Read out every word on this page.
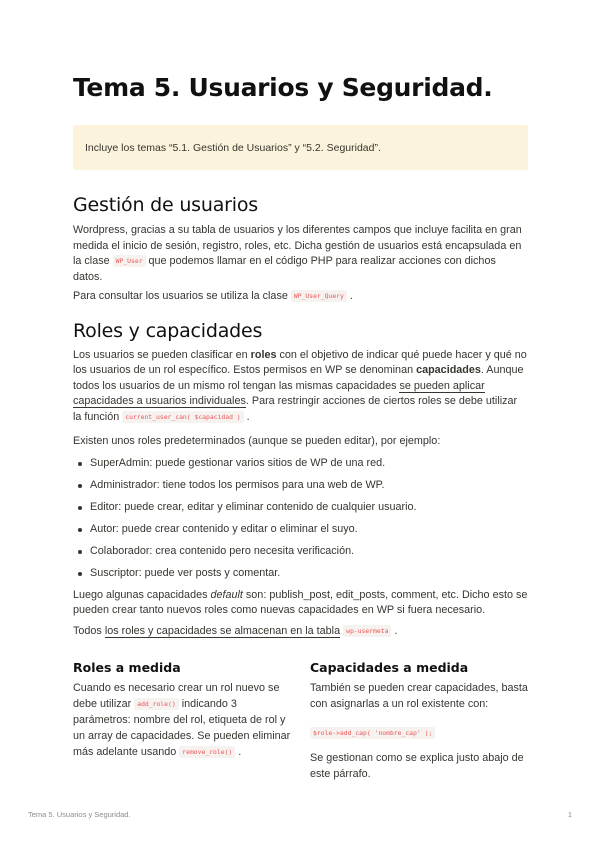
Tema 5. Usuarios y Seguridad.
Incluye los temas “5.1. Gestión de Usuarios” y “5.2. Seguridad”.
Gestión de usuarios

Wordpress, gracias a su tabla de usuarios y los diferentes campos que incluye facilita en gran medida el inicio de sesión, registro, roles, etc. Dicha gestión de usuarios está encapsulada en la clase WP_User que podemos llamar en el código PHP para realizar acciones con dichos datos.

Para consultar los usuarios se utiliza la clase WP_User_Query .

Roles y capacidades

Los usuarios se pueden clasificar en roles con el objetivo de indicar qué puede hacer y qué no los usuarios de un rol específico. Estos permisos en WP se denominan capacidades. Aunque todos los usuarios de un mismo rol tengan las mismas capacidades se pueden aplicar capacidades a usuarios individuales. Para restringir acciones de ciertos roles se debe utilizar la función current_user_can( $capacidad ) .

Existen unos roles predeterminados (aunque se pueden editar), por ejemplo:

SuperAdmin: puede gestionar varios sitios de WP de una red.
Administrador: tiene todos los permisos para una web de WP.
Editor: puede crear, editar y eliminar contenido de cualquier usuario.
Autor: puede crear contenido y editar o eliminar el suyo.
Colaborador: crea contenido pero necesita verificación.
Suscriptor: puede ver posts y comentar.

Luego algunas capacidades default son: publish_post, edit_posts, comment, etc. Dicho esto se pueden crear tanto nuevos roles como nuevas capacidades en WP si fuera necesario.

Todos los roles y capacidades se almacenan en la tabla wp-usermeta .

Roles a medida

Cuando es necesario crear un rol nuevo se debe utilizar add_role() indicando 3 parámetros: nombre del rol, etiqueta de rol y un array de capacidades. Se pueden eliminar más adelante usando remove_role() .

Capacidades a medida

También se pueden crear capacidades, basta con asignarlas a un rol existente con:

$role->add_cap( 'nombre_cap' );

Se gestionan como se explica justo abajo de este párrafo.

Tema 5. Usuarios y Seguridad.	1
